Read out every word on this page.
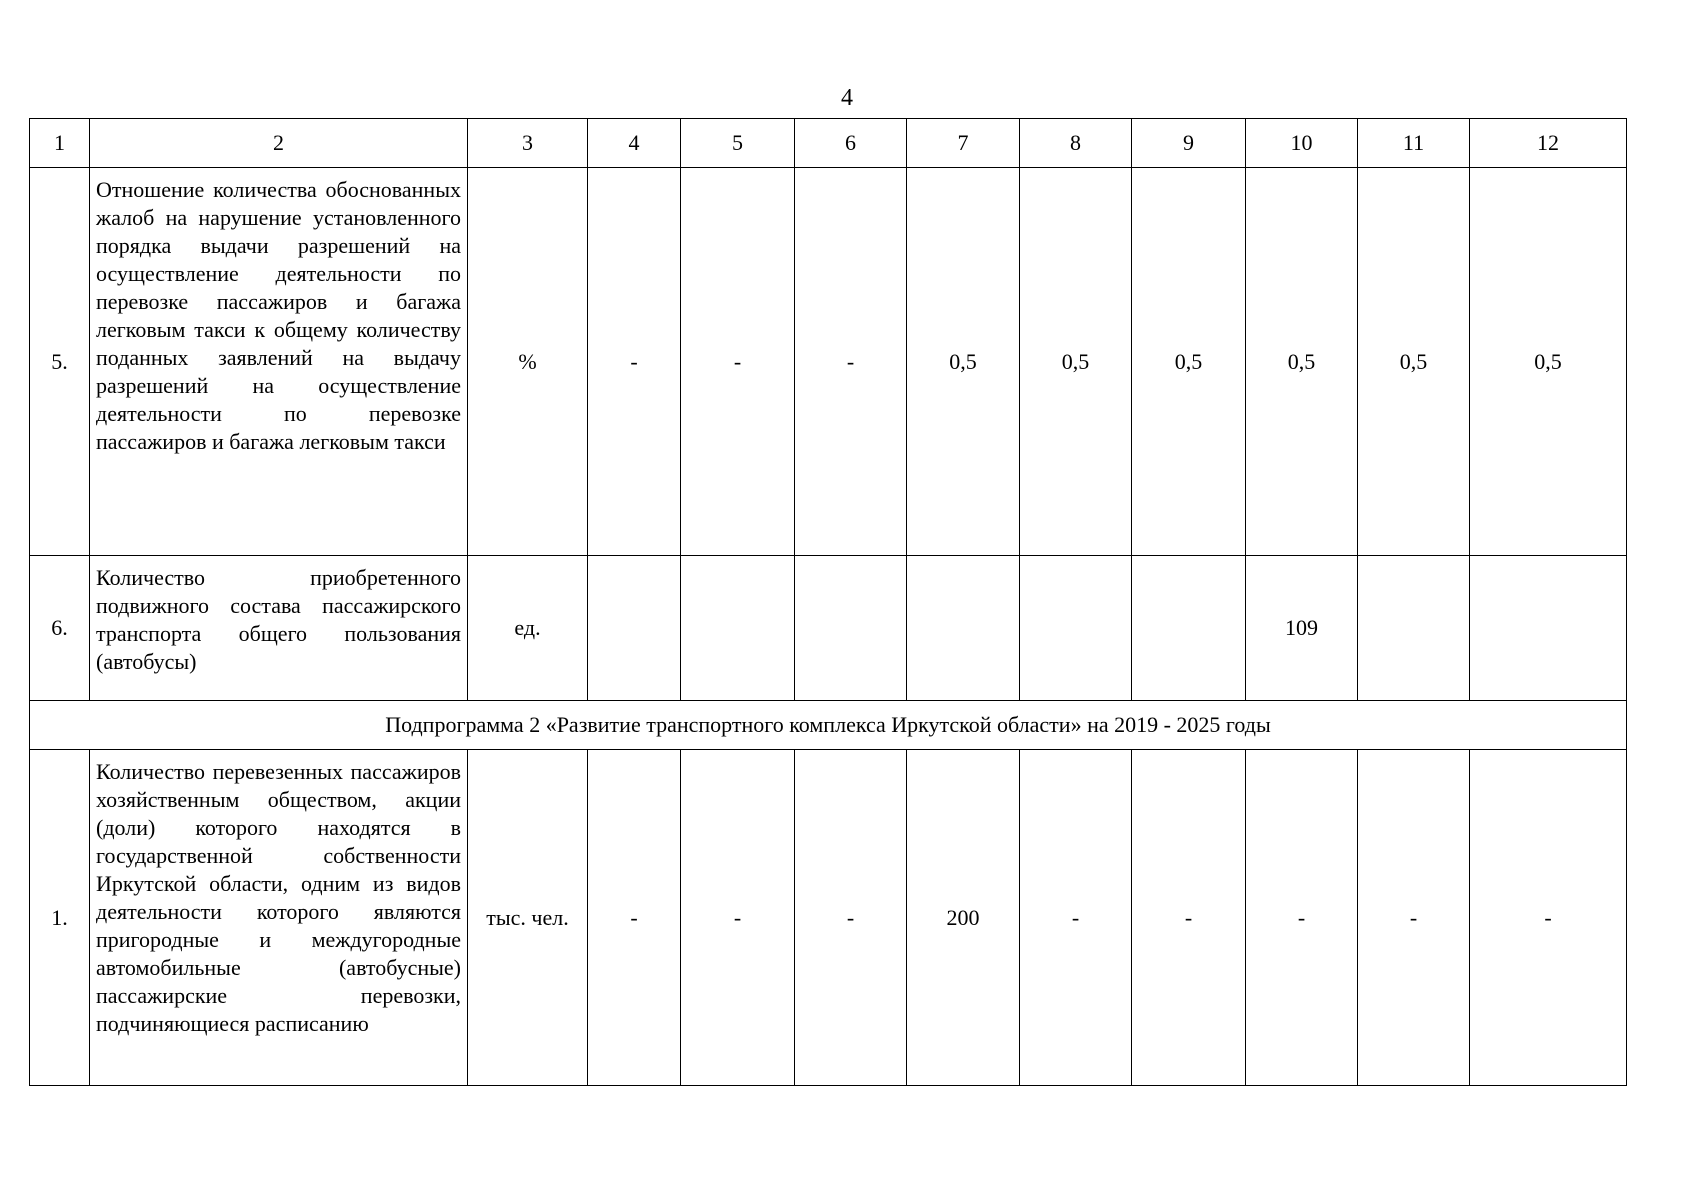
4
1	2	3	4	5	6	7	8	9	10	11	12
5.	Отношение количества обоснованных жалоб на нарушение установленного порядка выдачи разрешений на осуществление деятельности по перевозке пассажиров и багажа легковым такси к общему количеству поданных заявлений на выдачу разрешений на осуществление деятельности по перевозке пассажиров и багажа легковым такси	%	-	-	-	0,5	0,5	0,5	0,5	0,5	0,5
6.	Количество приобретенного подвижного состава пассажирского транспорта общего пользования (автобусы)	ед.							109		
Подпрограмма 2 «Развитие транспортного комплекса Иркутской области» на 2019 - 2025 годы											
1.	Количество перевезенных пассажиров хозяйственным обществом, акции (доли) которого находятся в государственной собственности Иркутской области, одним из видов деятельности которого являются пригородные и междугородные автомобильные (автобусные) пассажирские перевозки, подчиняющиеся расписанию	тыс. чел.	-	-	-	200	-	-	-	-	-
